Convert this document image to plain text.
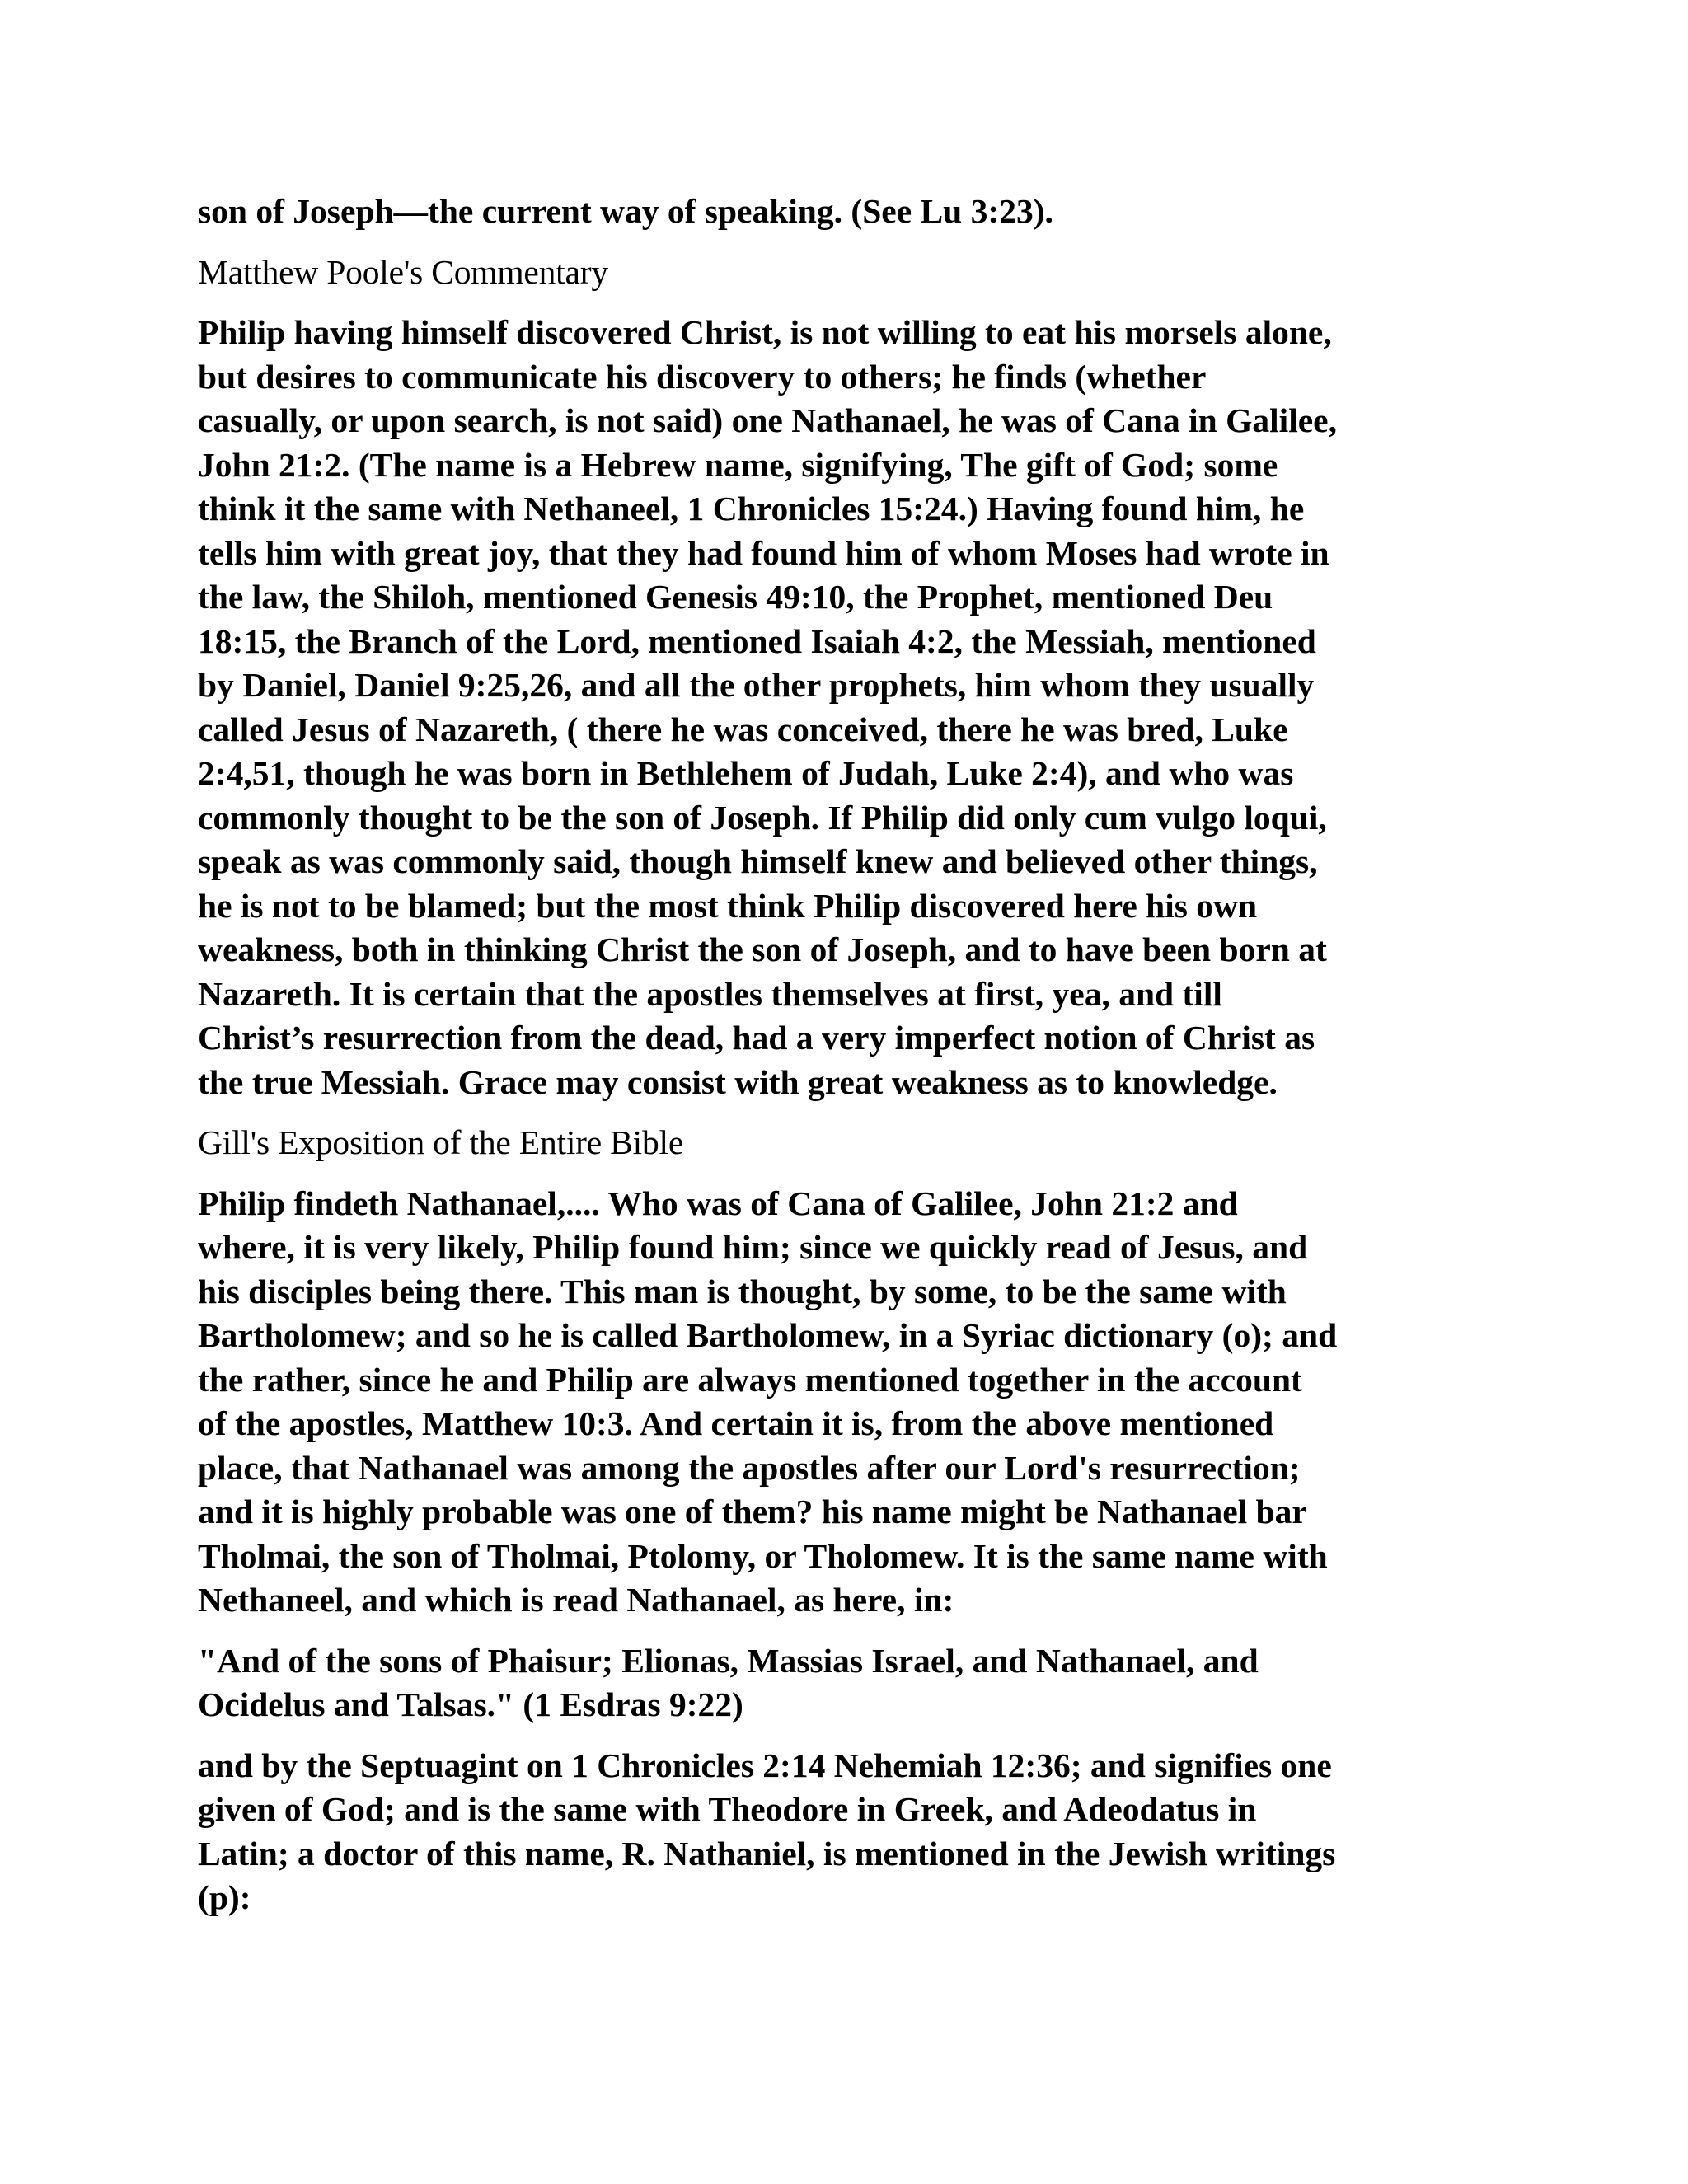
son of Joseph—the current way of speaking. (See Lu 3:23).

Matthew Poole's Commentary

Philip having himself discovered Christ, is not willing to eat his morsels alone,
but desires to communicate his discovery to others; he finds (whether
casually, or upon search, is not said) one Nathanael, he was of Cana in Galilee,
John 21:2. (The name is a Hebrew name, signifying, The gift of God; some
think it the same with Nethaneel, 1 Chronicles 15:24.) Having found him, he
tells him with great joy, that they had found him of whom Moses had wrote in
the law, the Shiloh, mentioned Genesis 49:10, the Prophet, mentioned Deu
18:15, the Branch of the Lord, mentioned Isaiah 4:2, the Messiah, mentioned
by Daniel, Daniel 9:25,26, and all the other prophets, him whom they usually
called Jesus of Nazareth, ( there he was conceived, there he was bred, Luke
2:4,51, though he was born in Bethlehem of Judah, Luke 2:4), and who was
commonly thought to be the son of Joseph. If Philip did only cum vulgo loqui,
speak as was commonly said, though himself knew and believed other things,
he is not to be blamed; but the most think Philip discovered here his own
weakness, both in thinking Christ the son of Joseph, and to have been born at
Nazareth. It is certain that the apostles themselves at first, yea, and till
Christ’s resurrection from the dead, had a very imperfect notion of Christ as
the true Messiah. Grace may consist with great weakness as to knowledge.

Gill's Exposition of the Entire Bible

Philip findeth Nathanael,.... Who was of Cana of Galilee, John 21:2 and
where, it is very likely, Philip found him; since we quickly read of Jesus, and
his disciples being there. This man is thought, by some, to be the same with
Bartholomew; and so he is called Bartholomew, in a Syriac dictionary (o); and
the rather, since he and Philip are always mentioned together in the account
of the apostles, Matthew 10:3. And certain it is, from the above mentioned
place, that Nathanael was among the apostles after our Lord's resurrection;
and it is highly probable was one of them? his name might be Nathanael bar
Tholmai, the son of Tholmai, Ptolomy, or Tholomew. It is the same name with
Nethaneel, and which is read Nathanael, as here, in:

"And of the sons of Phaisur; Elionas, Massias Israel, and Nathanael, and
Ocidelus and Talsas." (1 Esdras 9:22)

and by the Septuagint on 1 Chronicles 2:14 Nehemiah 12:36; and signifies one
given of God; and is the same with Theodore in Greek, and Adeodatus in
Latin; a doctor of this name, R. Nathaniel, is mentioned in the Jewish writings
(p):
